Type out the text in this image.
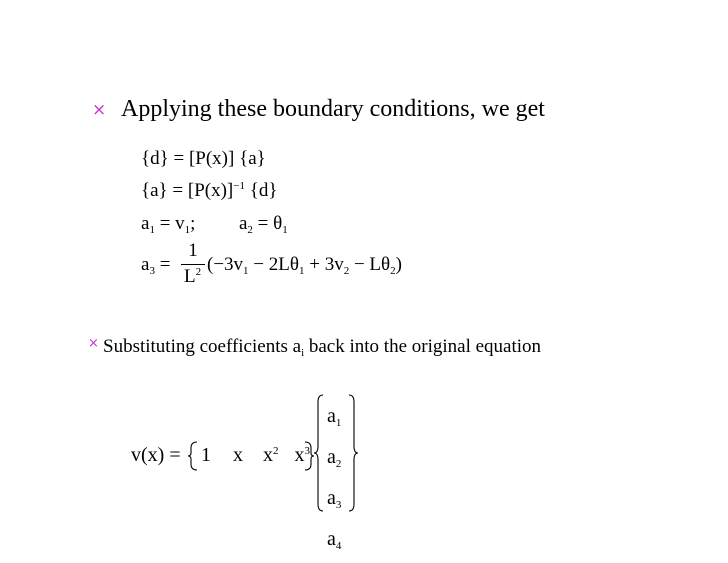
× Applying these boundary conditions, we get
{d} = [P(x)] {a}
$\{a\} = [P(x)]^{-1}$ {d}
$a_1 = v_1$; $a_2 = \theta_1$
$a_3$ =
1
$L^2$ $(-3v_1 - 2L\theta_1 + 3v_2 - L\theta_2)$
× Substituting coefficients $a_i$ back into the original equation
v(x) = 1 x $x^2$ $x^3$
$a_1$
$a_2$
$a_3$
$a_4$
